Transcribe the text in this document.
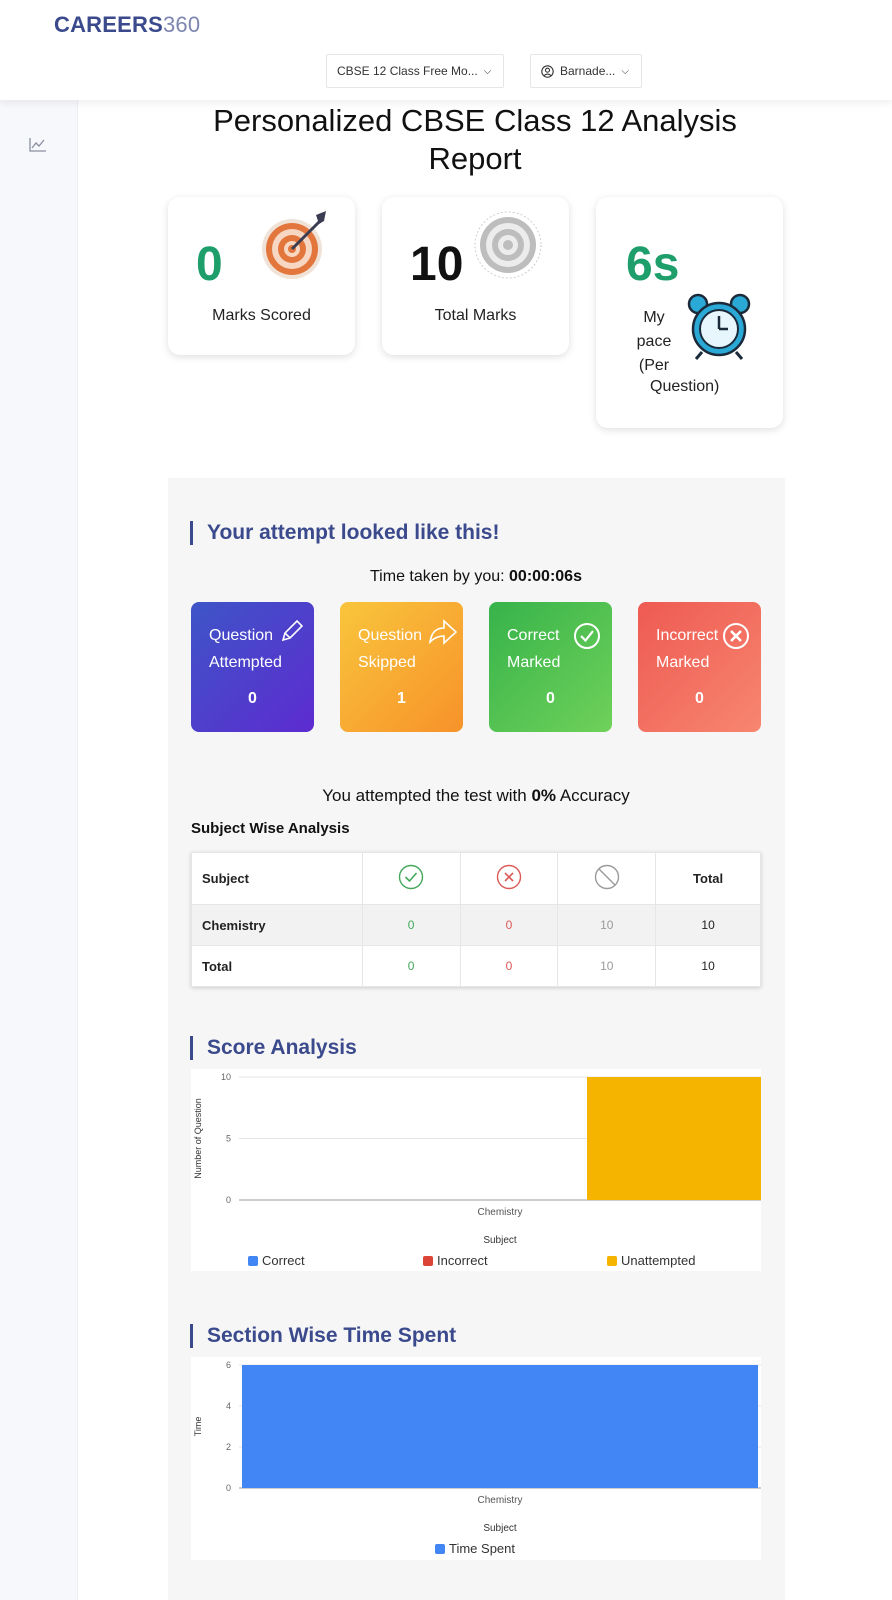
CAREERS360
CBSE 12 Class Free Mo... ⌵	Barnade... ⌵
Personalized CBSE Class 12 Analysis Report
0
Marks Scored
10
Total Marks
6s
My
pace
(Per
Question)
Your attempt looked like this!
Time taken by you: 00:00:06s
Question
Attempted
0
Question
Skipped
1
Correct
Marked
0
Incorrect
Marked
0
You attempted the test with 0% Accuracy
Subject Wise Analysis
Subject				Total
Chemistry	0	0	10	10
Total	0	0	10	10
Score Analysis
0
5
10
Number of Question
Chemistry
Subject
Correct	Incorrect	Unattempted
Section Wise Time Spent
0
2
4
6
Time
Chemistry
Subject
Time Spent
